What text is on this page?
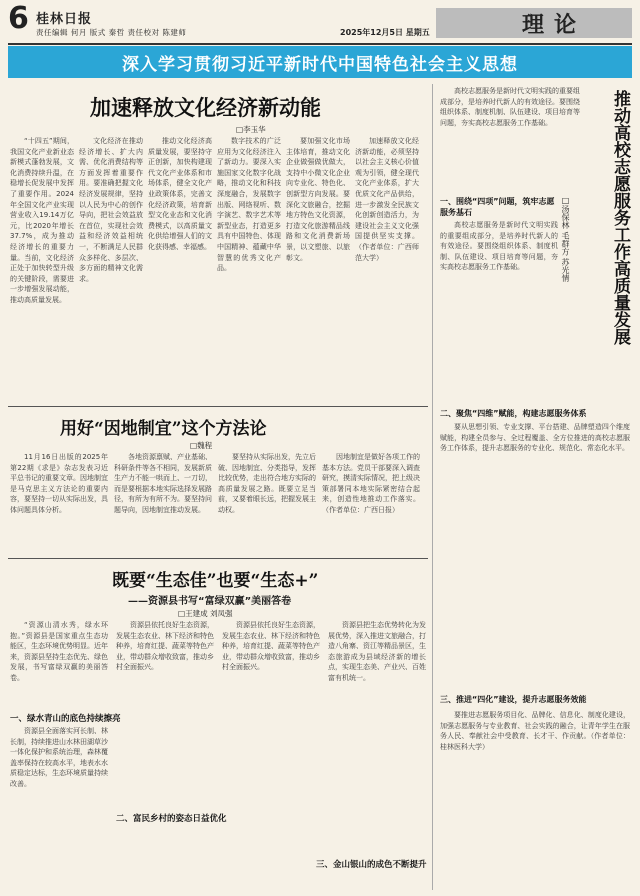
6 桂林日报
责任编辑 何月 版式 秦哲 责任校对 陈建师	2025年12月5日 星期五	理论
深入学习贯彻习近平新时代中国特色社会主义思想
加速释放文化经济新动能
□李玉华
“十四五”期间，我国文化产业新业态新模式蓬勃发展，文化消费持续升温，在稳增长促发展中发挥了重要作用。2024年全国文化产业实现营业收入19.14万亿元，比2020年增长37.7%，成为推动经济增长的重要力量。当前，文化经济正处于加快转型升级的关键阶段，需要进一步增强发展动能，推动高质量发展。
文化经济在推动经济增长、扩大内需、优化消费结构等方面发挥着重要作用。要准确把握文化经济发展规律，坚持以人民为中心的创作导向，把社会效益放在首位，实现社会效益和经济效益相统一，不断满足人民群众多样化、多层次、多方面的精神文化需求。
推动文化经济高质量发展，要坚持守正创新，加快构建现代文化产业体系和市场体系，健全文化产业政策体系，完善文化经济政策，培育新型文化业态和文化消费模式，以高质量文化供给增强人们的文化获得感、幸福感。
数字技术的广泛应用为文化经济注入了新动力。要深入实施国家文化数字化战略，推动文化和科技深度融合，发展数字出版、网络视听、数字演艺、数字艺术等新型业态，打造更多具有中国特色、体现中国精神、蕴藏中华智慧的优秀文化产品。
要加强文化市场主体培育，推动文化企业做强做优做大，支持中小微文化企业向专业化、特色化、创新型方向发展。要深化文旅融合，挖掘地方特色文化资源，打造文化旅游精品线路和文化消费新场景，以文塑旅、以旅彰文。
加速释放文化经济新动能，必须坚持以社会主义核心价值观为引领，健全现代文化产业体系，扩大优质文化产品供给，进一步激发全民族文化创新创造活力，为建设社会主义文化强国提供坚实支撑。（作者单位：广西师范大学）
用好“因地制宜”这个方法论
□魏程
11月16日出版的2025年第22期《求是》杂志发表习近平总书记的重要文章。因地制宜是马克思主义方法论的重要内容，要坚持一切从实际出发，具体问题具体分析。
各地资源禀赋、产业基础、科研条件等各不相同，发展新质生产力不能一哄而上、一刀切，而是要根据本地实际选择发展路径，有所为有所不为。要坚持问题导向，因地制宜推动发展。
要坚持从实际出发，先立后破、因地制宜、分类指导，发挥比较优势，走出符合地方实际的高质量发展之路。既要立足当前，又要着眼长远，把握发展主动权。
因地制宜是做好各项工作的基本方法。党员干部要深入调查研究，摸清实际情况，把上级决策部署同本地实际紧密结合起来，创造性地推动工作落实。（作者单位：广西日报）
既要“生态佳”也要“生态+”
——资源县书写“富绿双赢”美丽答卷
□王建成 刘凤强
“资源山清水秀，绿水环抱。”资源县是国家重点生态功能区，生态环境优势明显。近年来，资源县坚持生态优先、绿色发展，书写富绿双赢的美丽答卷。
一、绿水青山的底色持续擦亮
资源县全面落实河长制、林长制，持续推进山水林田湖草沙一体化保护和系统治理，森林覆盖率保持在较高水平，地表水水质稳定达标，生态环境质量持续改善。
二、富民乡村的姿态日益优化
资源县依托良好生态资源，发展生态农业、林下经济和特色种养，培育红提、蔬菜等特色产业，带动群众增收致富，推动乡村全面振兴。
资源县依托良好生态资源，发展生态农业、林下经济和特色种养，培育红提、蔬菜等特色产业，带动群众增收致富，推动乡村全面振兴。
三、金山银山的成色不断提升
资源县把生态优势转化为发展优势，深入推进文旅融合，打造八角寨、资江等精品景区，生态旅游成为县域经济新的增长点，实现生态美、产业兴、百姓富有机统一。
高校志愿服务是新时代文明实践的重要组成部分，是培养时代新人的有效途径。要围绕组织体系、制度机制、队伍建设、项目培育等问题，夯实高校志愿服务工作基础。	推动高校志愿服务工作高质量发展
□汤保林 毛群方 苏光情
一、围绕“四项”问题，筑牢志愿服务基石
高校志愿服务是新时代文明实践的重要组成部分，是培养时代新人的有效途径。要围绕组织体系、制度机制、队伍建设、项目培育等问题，夯实高校志愿服务工作基础。
二、聚焦“四维”赋能，构建志愿服务体系
要从思想引领、专业支撑、平台搭建、品牌塑造四个维度赋能，构建全员参与、全过程覆盖、全方位推进的高校志愿服务工作体系，提升志愿服务的专业化、规范化、常态化水平。
三、推进“四化”建设，提升志愿服务效能
要推进志愿服务项目化、品牌化、信息化、制度化建设，加强志愿服务与专业教育、社会实践的融合，让青年学生在服务人民、奉献社会中受教育、长才干、作贡献。（作者单位：桂林医科大学）
